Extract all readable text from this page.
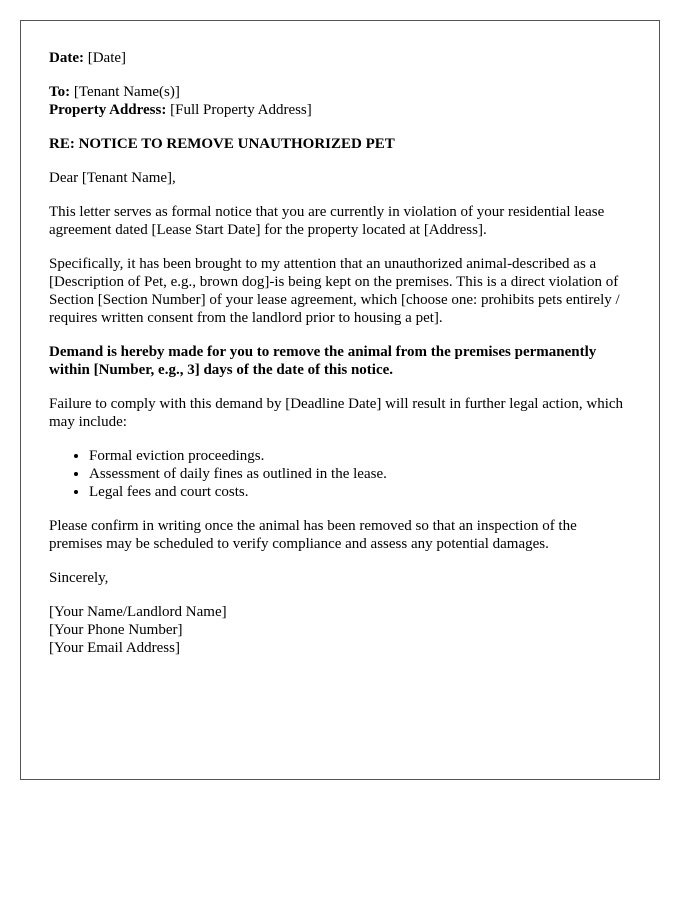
Date: [Date]

To: [Tenant Name(s)]
Property Address: [Full Property Address]

RE: NOTICE TO REMOVE UNAUTHORIZED PET

Dear [Tenant Name],

This letter serves as formal notice that you are currently in violation of your residential lease agreement dated [Lease Start Date] for the property located at [Address].

Specifically, it has been brought to my attention that an unauthorized animal-described as a [Description of Pet, e.g., brown dog]-is being kept on the premises. This is a direct violation of Section [Section Number] of your lease agreement, which [choose one: prohibits pets entirely / requires written consent from the landlord prior to housing a pet].

Demand is hereby made for you to remove the animal from the premises permanently within [Number, e.g., 3] days of the date of this notice.

Failure to comply with this demand by [Deadline Date] will result in further legal action, which may include:

• Formal eviction proceedings.
• Assessment of daily fines as outlined in the lease.
• Legal fees and court costs.

Please confirm in writing once the animal has been removed so that an inspection of the premises may be scheduled to verify compliance and assess any potential damages.

Sincerely,

[Your Name/Landlord Name]
[Your Phone Number]
[Your Email Address]
